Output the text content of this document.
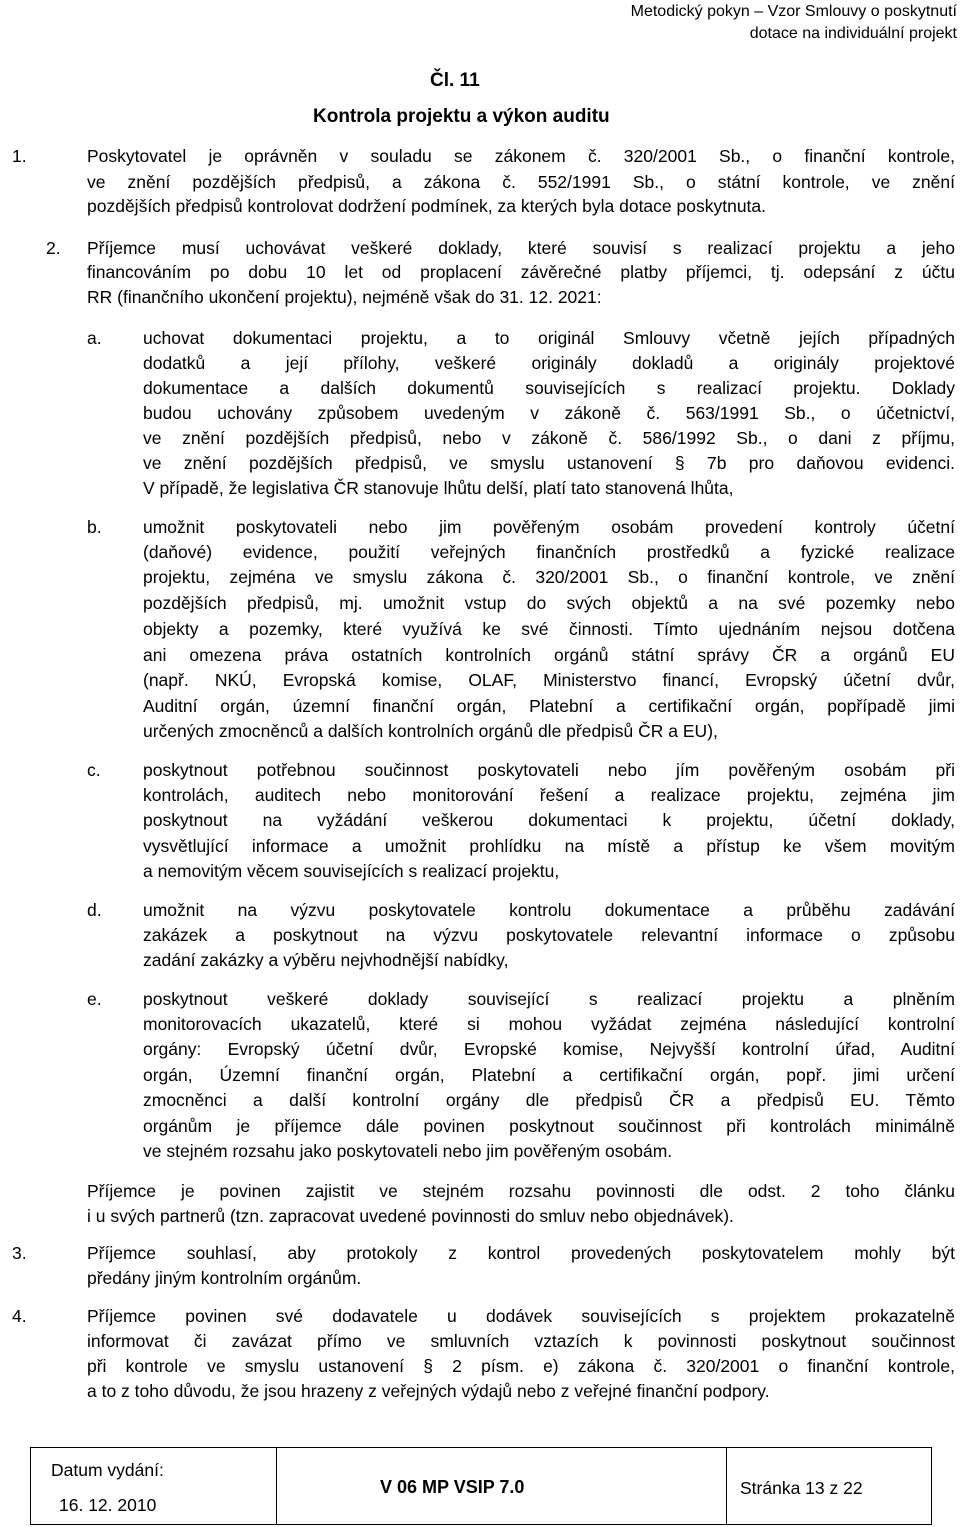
Metodický pokyn – Vzor Smlouvy o poskytnutí
dotace na individuální projekt
Čl. 11
Kontrola projektu a výkon auditu
1.	Poskytovatel je oprávněn v souladu se zákonem č. 320/2001 Sb., o finanční kontrole,
ve znění pozdějších předpisů, a zákona č. 552/1991 Sb., o státní kontrole, ve znění
pozdějších předpisů kontrolovat dodržení podmínek, za kterých byla dotace poskytnuta.
2. Příjemce musí uchovávat veškeré doklady, které souvisí s realizací projektu a jeho
financováním po dobu 10 let od proplacení závěrečné platby příjemci, tj. odepsání z účtu
RR (finančního ukončení projektu), nejméně však do 31. 12. 2021:
a. uchovat dokumentaci projektu, a to originál Smlouvy včetně jejích případných
dodatků a její přílohy, veškeré originály dokladů a originály projektové
dokumentace a dalších dokumentů souvisejících s realizací projektu. Doklady
budou uchovány způsobem uvedeným v zákoně č. 563/1991 Sb., o účetnictví,
ve znění pozdějších předpisů, nebo v zákoně č. 586/1992 Sb., o dani z příjmu,
ve znění pozdějších předpisů, ve smyslu ustanovení § 7b pro daňovou evidenci.
V případě, že legislativa ČR stanovuje lhůtu delší, platí tato stanovená lhůta,
b. umožnit poskytovateli nebo jim pověřeným osobám provedení kontroly účetní
(daňové) evidence, použití veřejných finančních prostředků a fyzické realizace
projektu, zejména ve smyslu zákona č. 320/2001 Sb., o finanční kontrole, ve znění
pozdějších předpisů, mj. umožnit vstup do svých objektů a na své pozemky nebo
objekty a pozemky, které využívá ke své činnosti. Tímto ujednáním nejsou dotčena
ani omezena práva ostatních kontrolních orgánů státní správy ČR a orgánů EU
(např. NKÚ, Evropská komise, OLAF, Ministerstvo financí, Evropský účetní dvůr,
Auditní orgán, územní finanční orgán, Platební a certifikační orgán, popřípadě jimi
určených zmocněnců a dalších kontrolních orgánů dle předpisů ČR a EU),
c. poskytnout potřebnou součinnost poskytovateli nebo jím pověřeným osobám při
kontrolách, auditech nebo monitorování řešení a realizace projektu, zejména jim
poskytnout na vyžádání veškerou dokumentaci k projektu, účetní doklady,
vysvětlující informace a umožnit prohlídku na místě a přístup ke všem movitým
a nemovitým věcem souvisejících s realizací projektu,
d. umožnit na výzvu poskytovatele kontrolu dokumentace a průběhu zadávání
zakázek a poskytnout na výzvu poskytovatele relevantní informace o způsobu
zadání zakázky a výběru nejvhodnější nabídky,
e. poskytnout veškeré doklady související s realizací projektu a plněním
monitorovacích ukazatelů, které si mohou vyžádat zejména následující kontrolní
orgány: Evropský účetní dvůr, Evropské komise, Nejvyšší kontrolní úřad, Auditní
orgán, Územní finanční orgán, Platební a certifikační orgán, popř. jimi určení
zmocněnci a další kontrolní orgány dle předpisů ČR a předpisů EU. Těmto
orgánům je příjemce dále povinen poskytnout součinnost při kontrolách minimálně
ve stejném rozsahu jako poskytovateli nebo jim pověřeným osobám.
Příjemce je povinen zajistit ve stejném rozsahu povinnosti dle odst. 2 toho článku
i u svých partnerů (tzn. zapracovat uvedené povinnosti do smluv nebo objednávek).
3.	Příjemce souhlasí, aby protokoly z kontrol provedených poskytovatelem mohly být
předány jiným kontrolním orgánům.
4.	Příjemce povinen své dodavatele u dodávek souvisejících s projektem prokazatelně
informovat či zavázat přímo ve smluvních vztazích k povinnosti poskytnout součinnost
při kontrole ve smyslu ustanovení § 2 písm. e) zákona č. 320/2001 o finanční kontrole,
a to z toho důvodu, že jsou hrazeny z veřejných výdajů nebo z veřejné finanční podpory.
Datum vydání:
16. 12. 2010
V 06 MP VSIP 7.0	Stránka 13 z 22
